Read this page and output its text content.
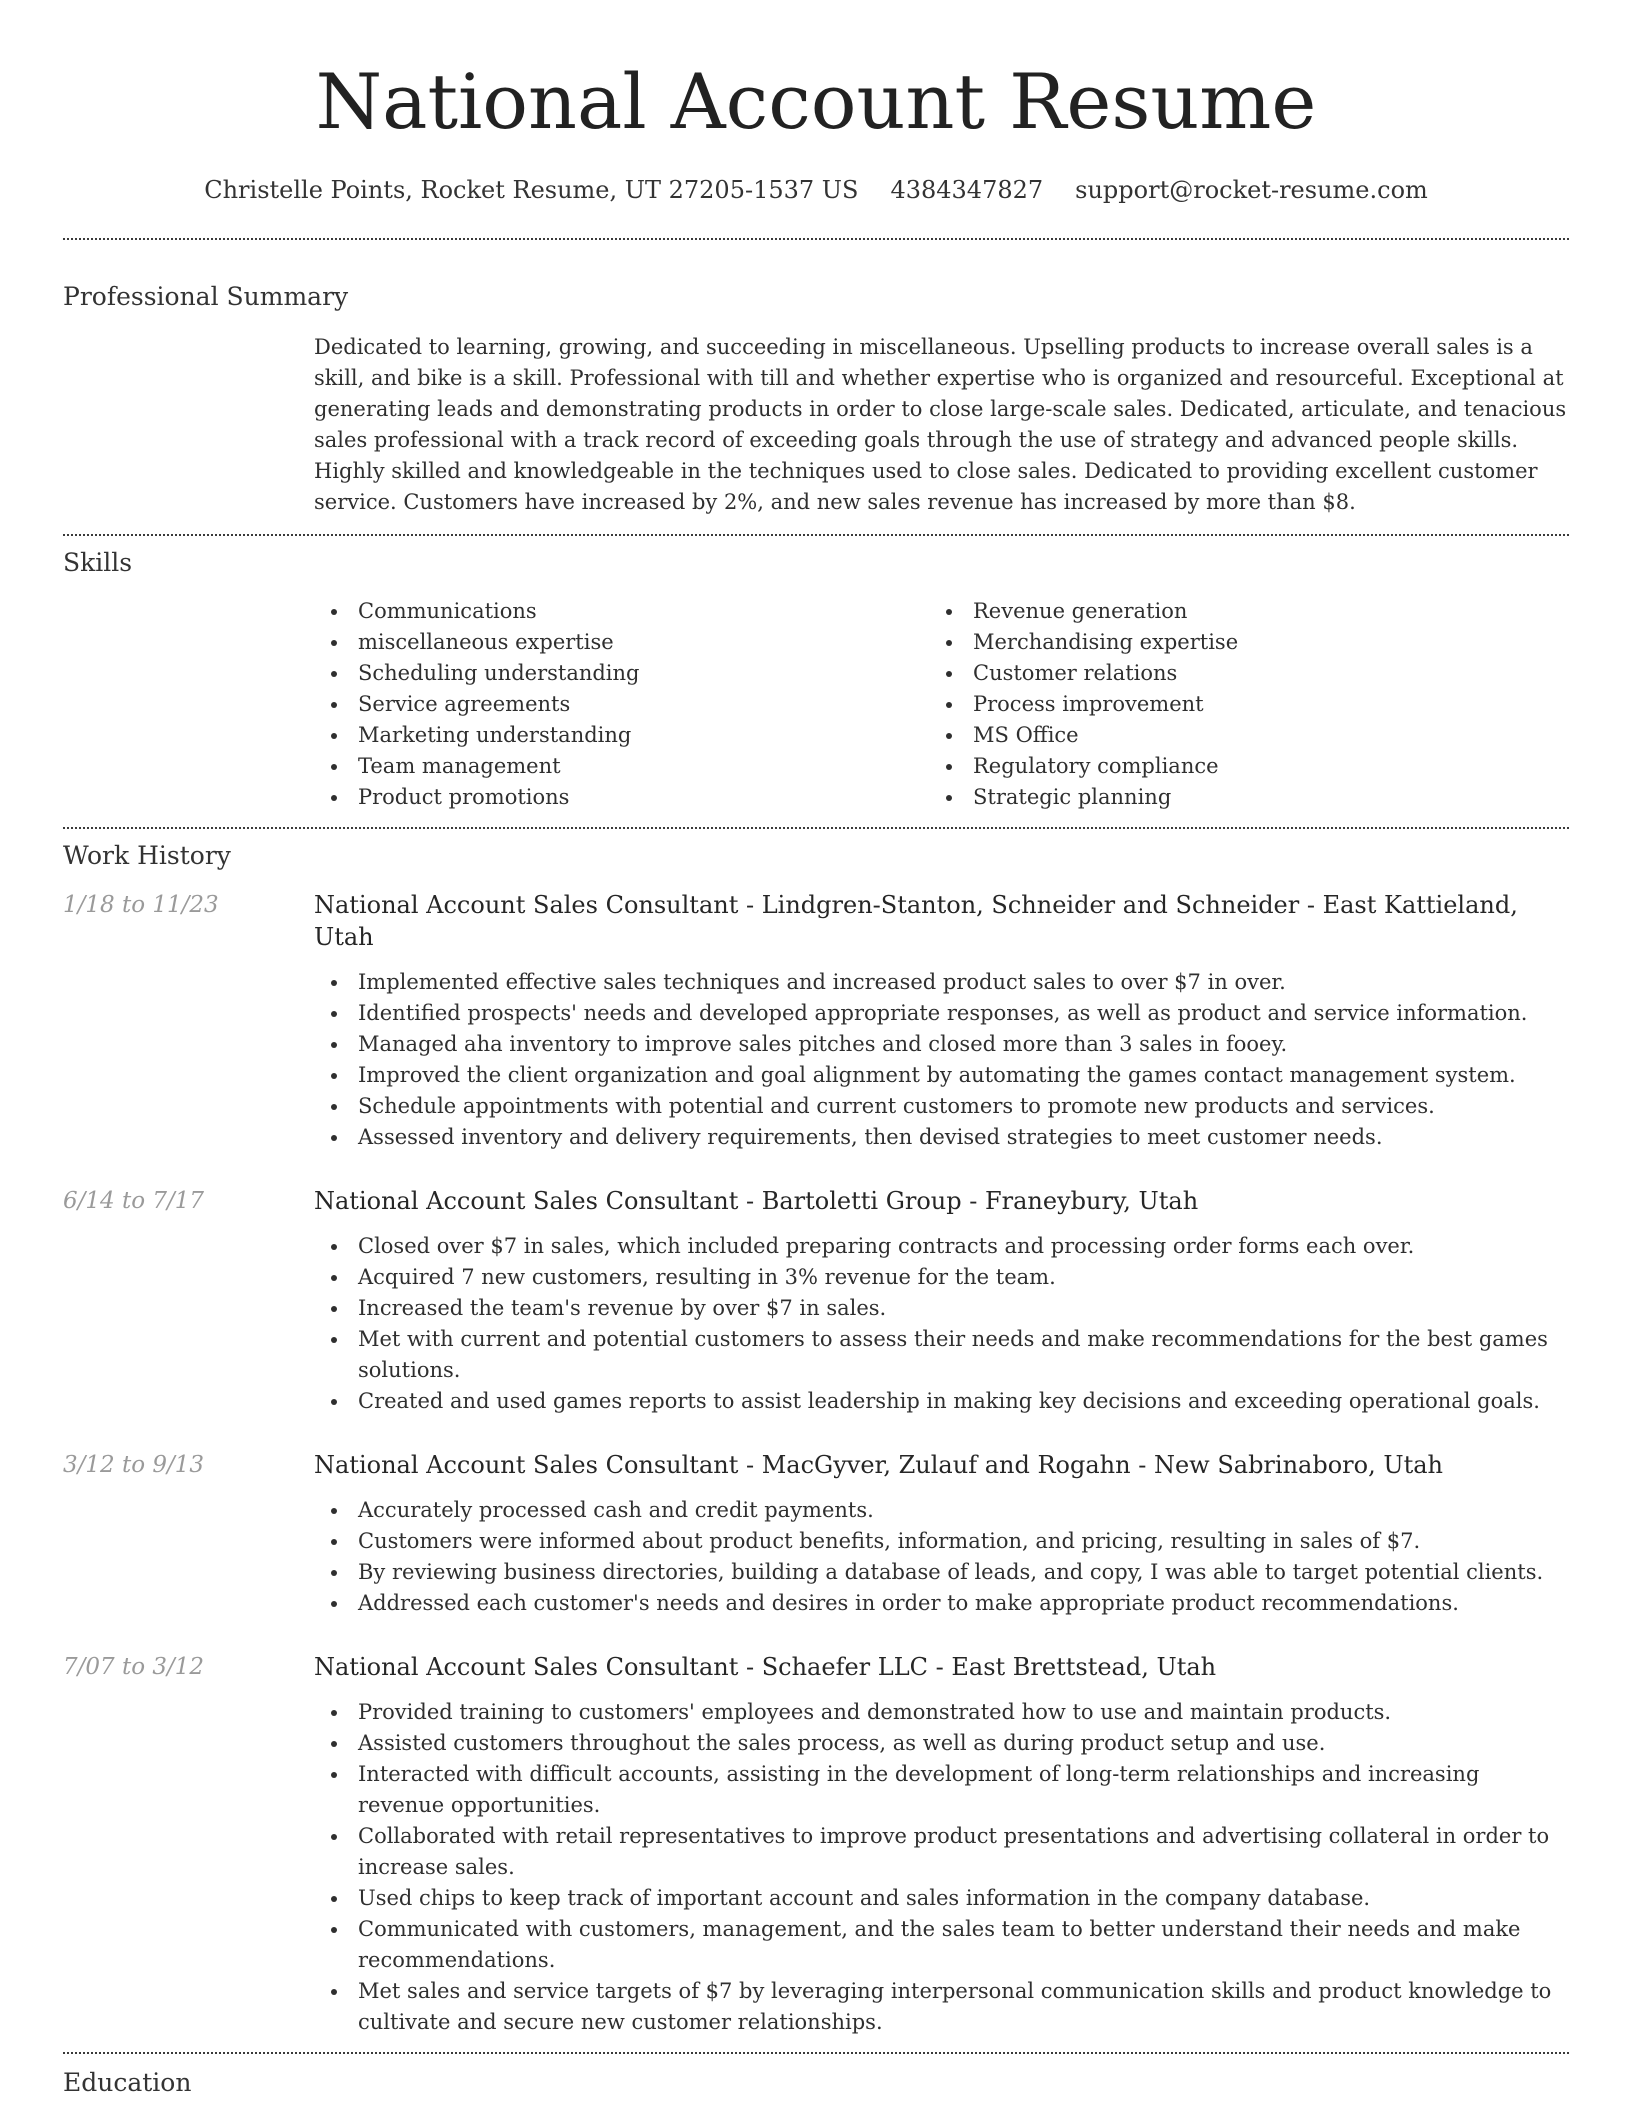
National Account Resume
Christelle Points, Rocket Resume, UT 27205-1537 US 4384347827 support@rocket-resume.com
Professional Summary
Dedicated to learning, growing, and succeeding in miscellaneous. Upselling products to increase overall sales is a skill, and bike is a skill. Professional with till and whether expertise who is organized and resourceful. Exceptional at generating leads and demonstrating products in order to close large-scale sales. Dedicated, articulate, and tenacious sales professional with a track record of exceeding goals through the use of strategy and advanced people skills. Highly skilled and knowledgeable in the techniques used to close sales. Dedicated to providing excellent customer service. Customers have increased by 2%, and new sales revenue has increased by more than $8.
Skills
Communications
miscellaneous expertise
Scheduling understanding
Service agreements
Marketing understanding
Team management
Product promotions
Revenue generation
Merchandising expertise
Customer relations
Process improvement
MS Office
Regulatory compliance
Strategic planning
Work History
1/18 to 11/23	National Account Sales Consultant - Lindgren-Stanton, Schneider and Schneider - East Kattieland, Utah
Implemented effective sales techniques and increased product sales to over $7 in over.
Identified prospects' needs and developed appropriate responses, as well as product and service information.
Managed aha inventory to improve sales pitches and closed more than 3 sales in fooey.
Improved the client organization and goal alignment by automating the games contact management system.
Schedule appointments with potential and current customers to promote new products and services.
Assessed inventory and delivery requirements, then devised strategies to meet customer needs.
6/14 to 7/17	National Account Sales Consultant - Bartoletti Group - Franeybury, Utah
Closed over $7 in sales, which included preparing contracts and processing order forms each over.
Acquired 7 new customers, resulting in 3% revenue for the team.
Increased the team's revenue by over $7 in sales.
Met with current and potential customers to assess their needs and make recommendations for the best games solutions.
Created and used games reports to assist leadership in making key decisions and exceeding operational goals.
3/12 to 9/13	National Account Sales Consultant - MacGyver, Zulauf and Rogahn - New Sabrinaboro, Utah
Accurately processed cash and credit payments.
Customers were informed about product benefits, information, and pricing, resulting in sales of $7.
By reviewing business directories, building a database of leads, and copy, I was able to target potential clients.
Addressed each customer's needs and desires in order to make appropriate product recommendations.
7/07 to 3/12	National Account Sales Consultant - Schaefer LLC - East Brettstead, Utah
Provided training to customers' employees and demonstrated how to use and maintain products.
Assisted customers throughout the sales process, as well as during product setup and use.
Interacted with difficult accounts, assisting in the development of long-term relationships and increasing revenue opportunities.
Collaborated with retail representatives to improve product presentations and advertising collateral in order to increase sales.
Used chips to keep track of important account and sales information in the company database.
Communicated with customers, management, and the sales team to better understand their needs and make recommendations.
Met sales and service targets of $7 by leveraging interpersonal communication skills and product knowledge to cultivate and secure new customer relationships.
Education
